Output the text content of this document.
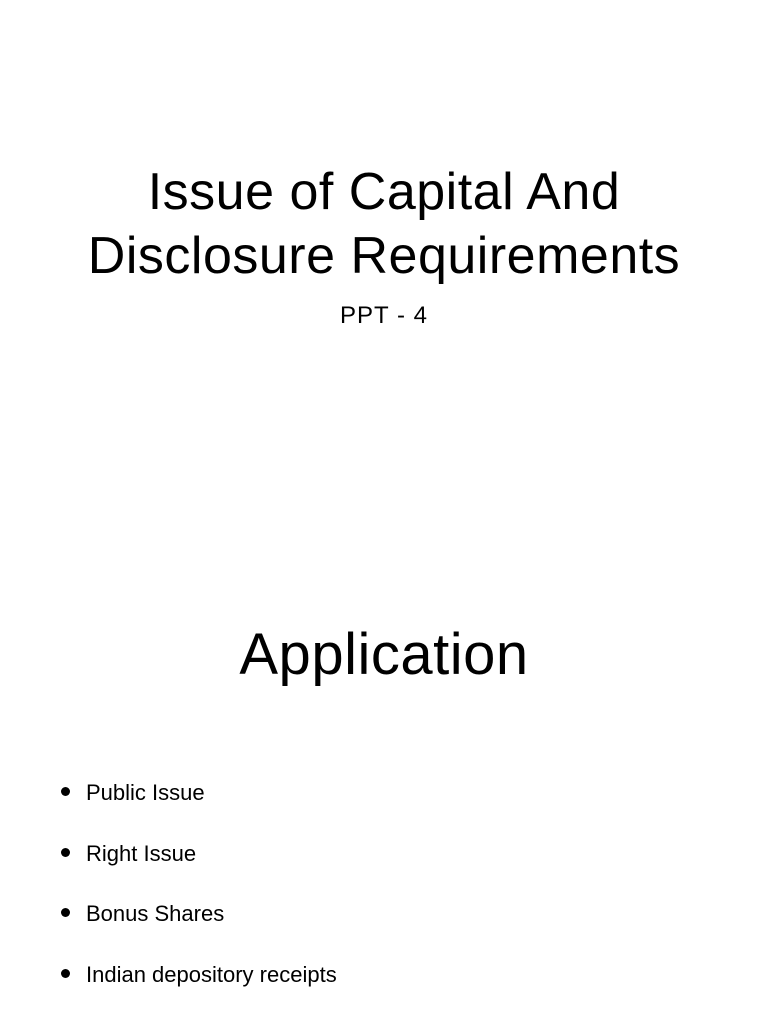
Issue of Capital And
Disclosure Requirements
PPT - 4
Application
Public Issue
Right Issue
Bonus Shares
Indian depository receipts
